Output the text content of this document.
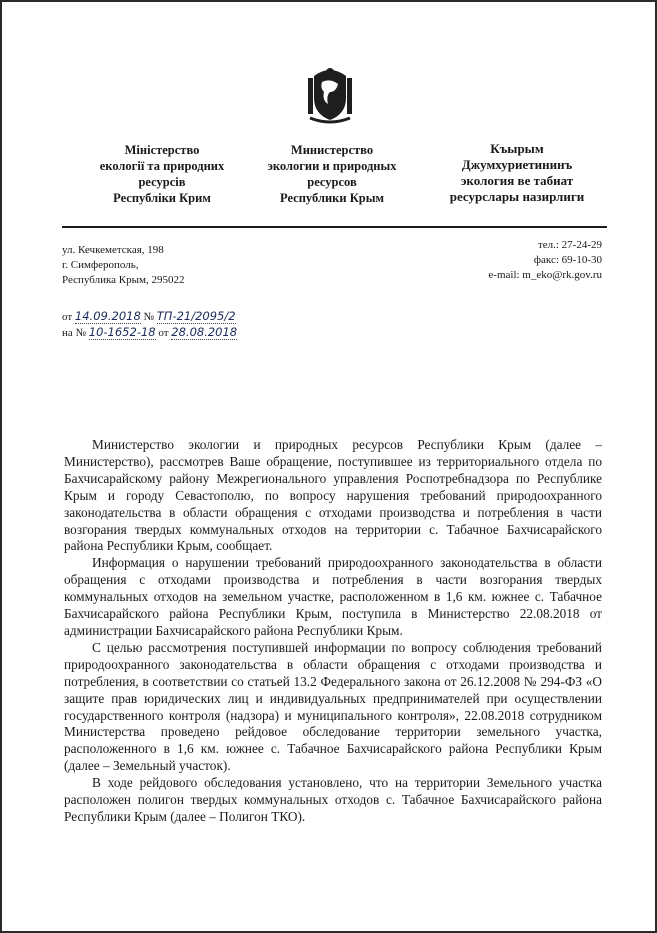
Міністерство
екології та природних
ресурсів
Республіки Крим
Министерство
экологии и природных
ресурсов
Республики Крым
Къырым
Джумхуриетининъ
экология ве табиат
ресурслары назирлиги
ул. Кечкеметская, 198
г. Симферополь,
Республика Крым, 295022
тел.: 27-24-29
факс: 69-10-30
e-mail: m_eko@rk.gov.ru
от 14.09.2018 № ТП-21/2095/2
на № 10-1652-18 от 28.08.2018

Министерство экологии и природных ресурсов Республики Крым (далее – Министерство), рассмотрев Ваше обращение, поступившее из территориального отдела по Бахчисарайскому району Межрегионального управления Роспотребнадзора по Республике Крым и городу Севастополю, по вопросу нарушения требований природоохранного законодательства в области обращения с отходами производства и потребления в части возгорания твердых коммунальных отходов на территории с. Табачное Бахчисарайского района Республики Крым, сообщает.

Информация о нарушении требований природоохранного законодательства в области обращения с отходами производства и потребления в части возгорания твердых коммунальных отходов на земельном участке, расположенном в 1,6 км. южнее с. Табачное Бахчисарайского района Республики Крым, поступила в Министерство 22.08.2018 от администрации Бахчисарайского района Республики Крым.

С целью рассмотрения поступившей информации по вопросу соблюдения требований природоохранного законодательства в области обращения с отходами производства и потребления, в соответствии со статьей 13.2 Федерального закона от 26.12.2008 № 294-ФЗ «О защите прав юридических лиц и индивидуальных предпринимателей при осуществлении государственного контроля (надзора) и муниципального контроля», 22.08.2018 сотрудником Министерства проведено рейдовое обследование территории земельного участка, расположенного в 1,6 км. южнее с. Табачное Бахчисарайского района Республики Крым (далее – Земельный участок).

В ходе рейдового обследования установлено, что на территории Земельного участка расположен полигон твердых коммунальных отходов с. Табачное Бахчисарайского района Республики Крым (далее – Полигон ТКО).
